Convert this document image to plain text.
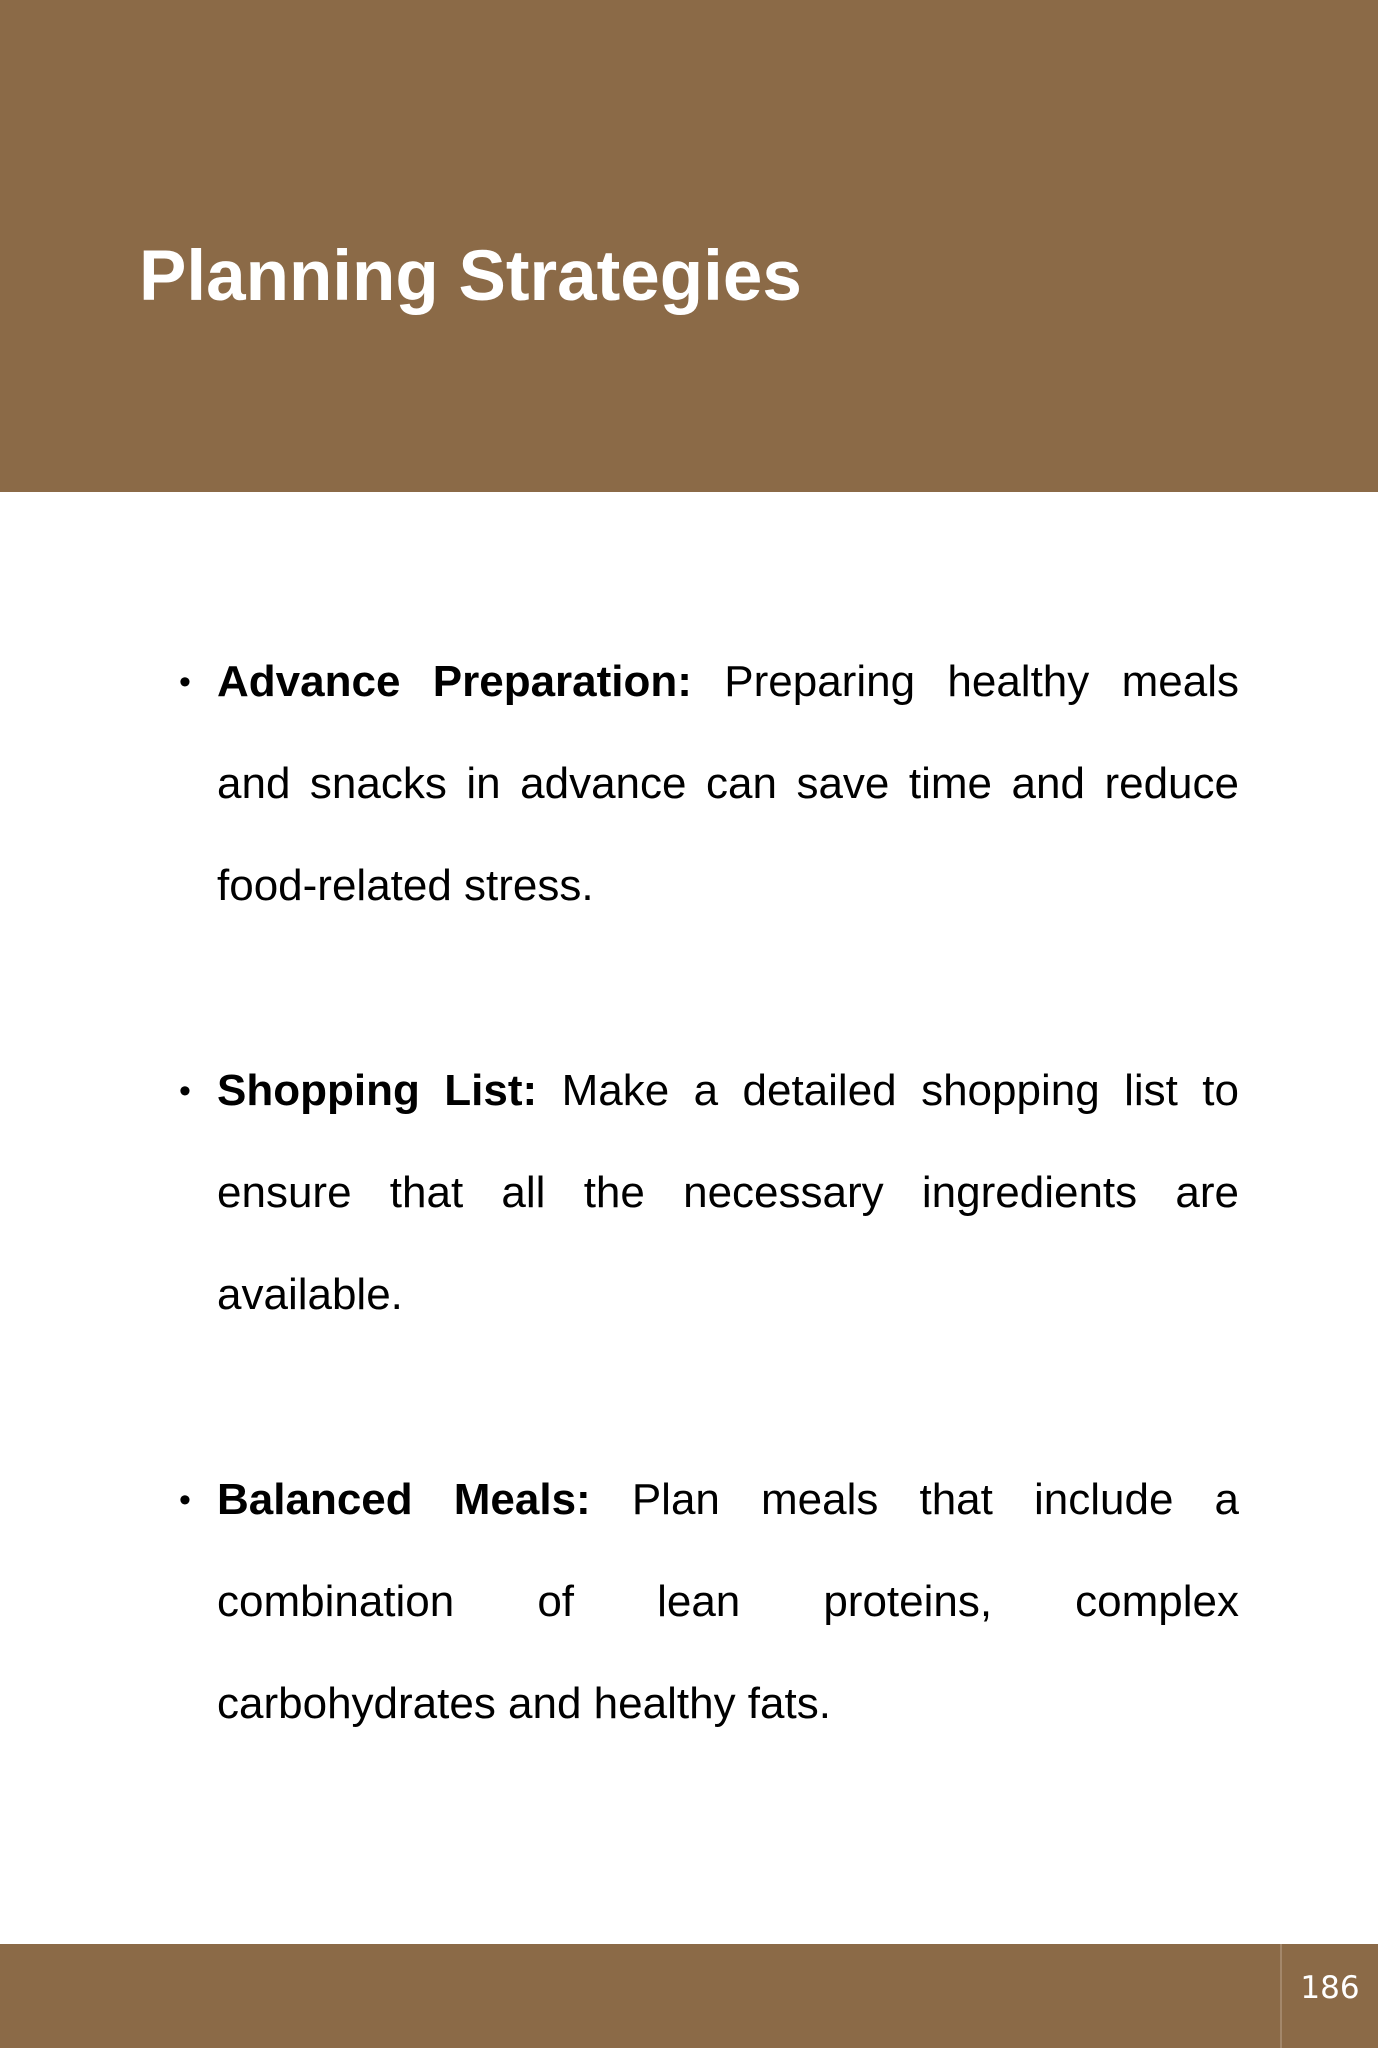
Planning Strategies
• Advance Preparation: Preparing healthy meals and snacks in advance can save time and reduce food-related stress.
• Shopping List: Make a detailed shopping list to ensure that all the necessary ingredients are available.
• Balanced Meals: Plan meals that include a combination of lean proteins, complex carbohydrates and healthy fats.
186
